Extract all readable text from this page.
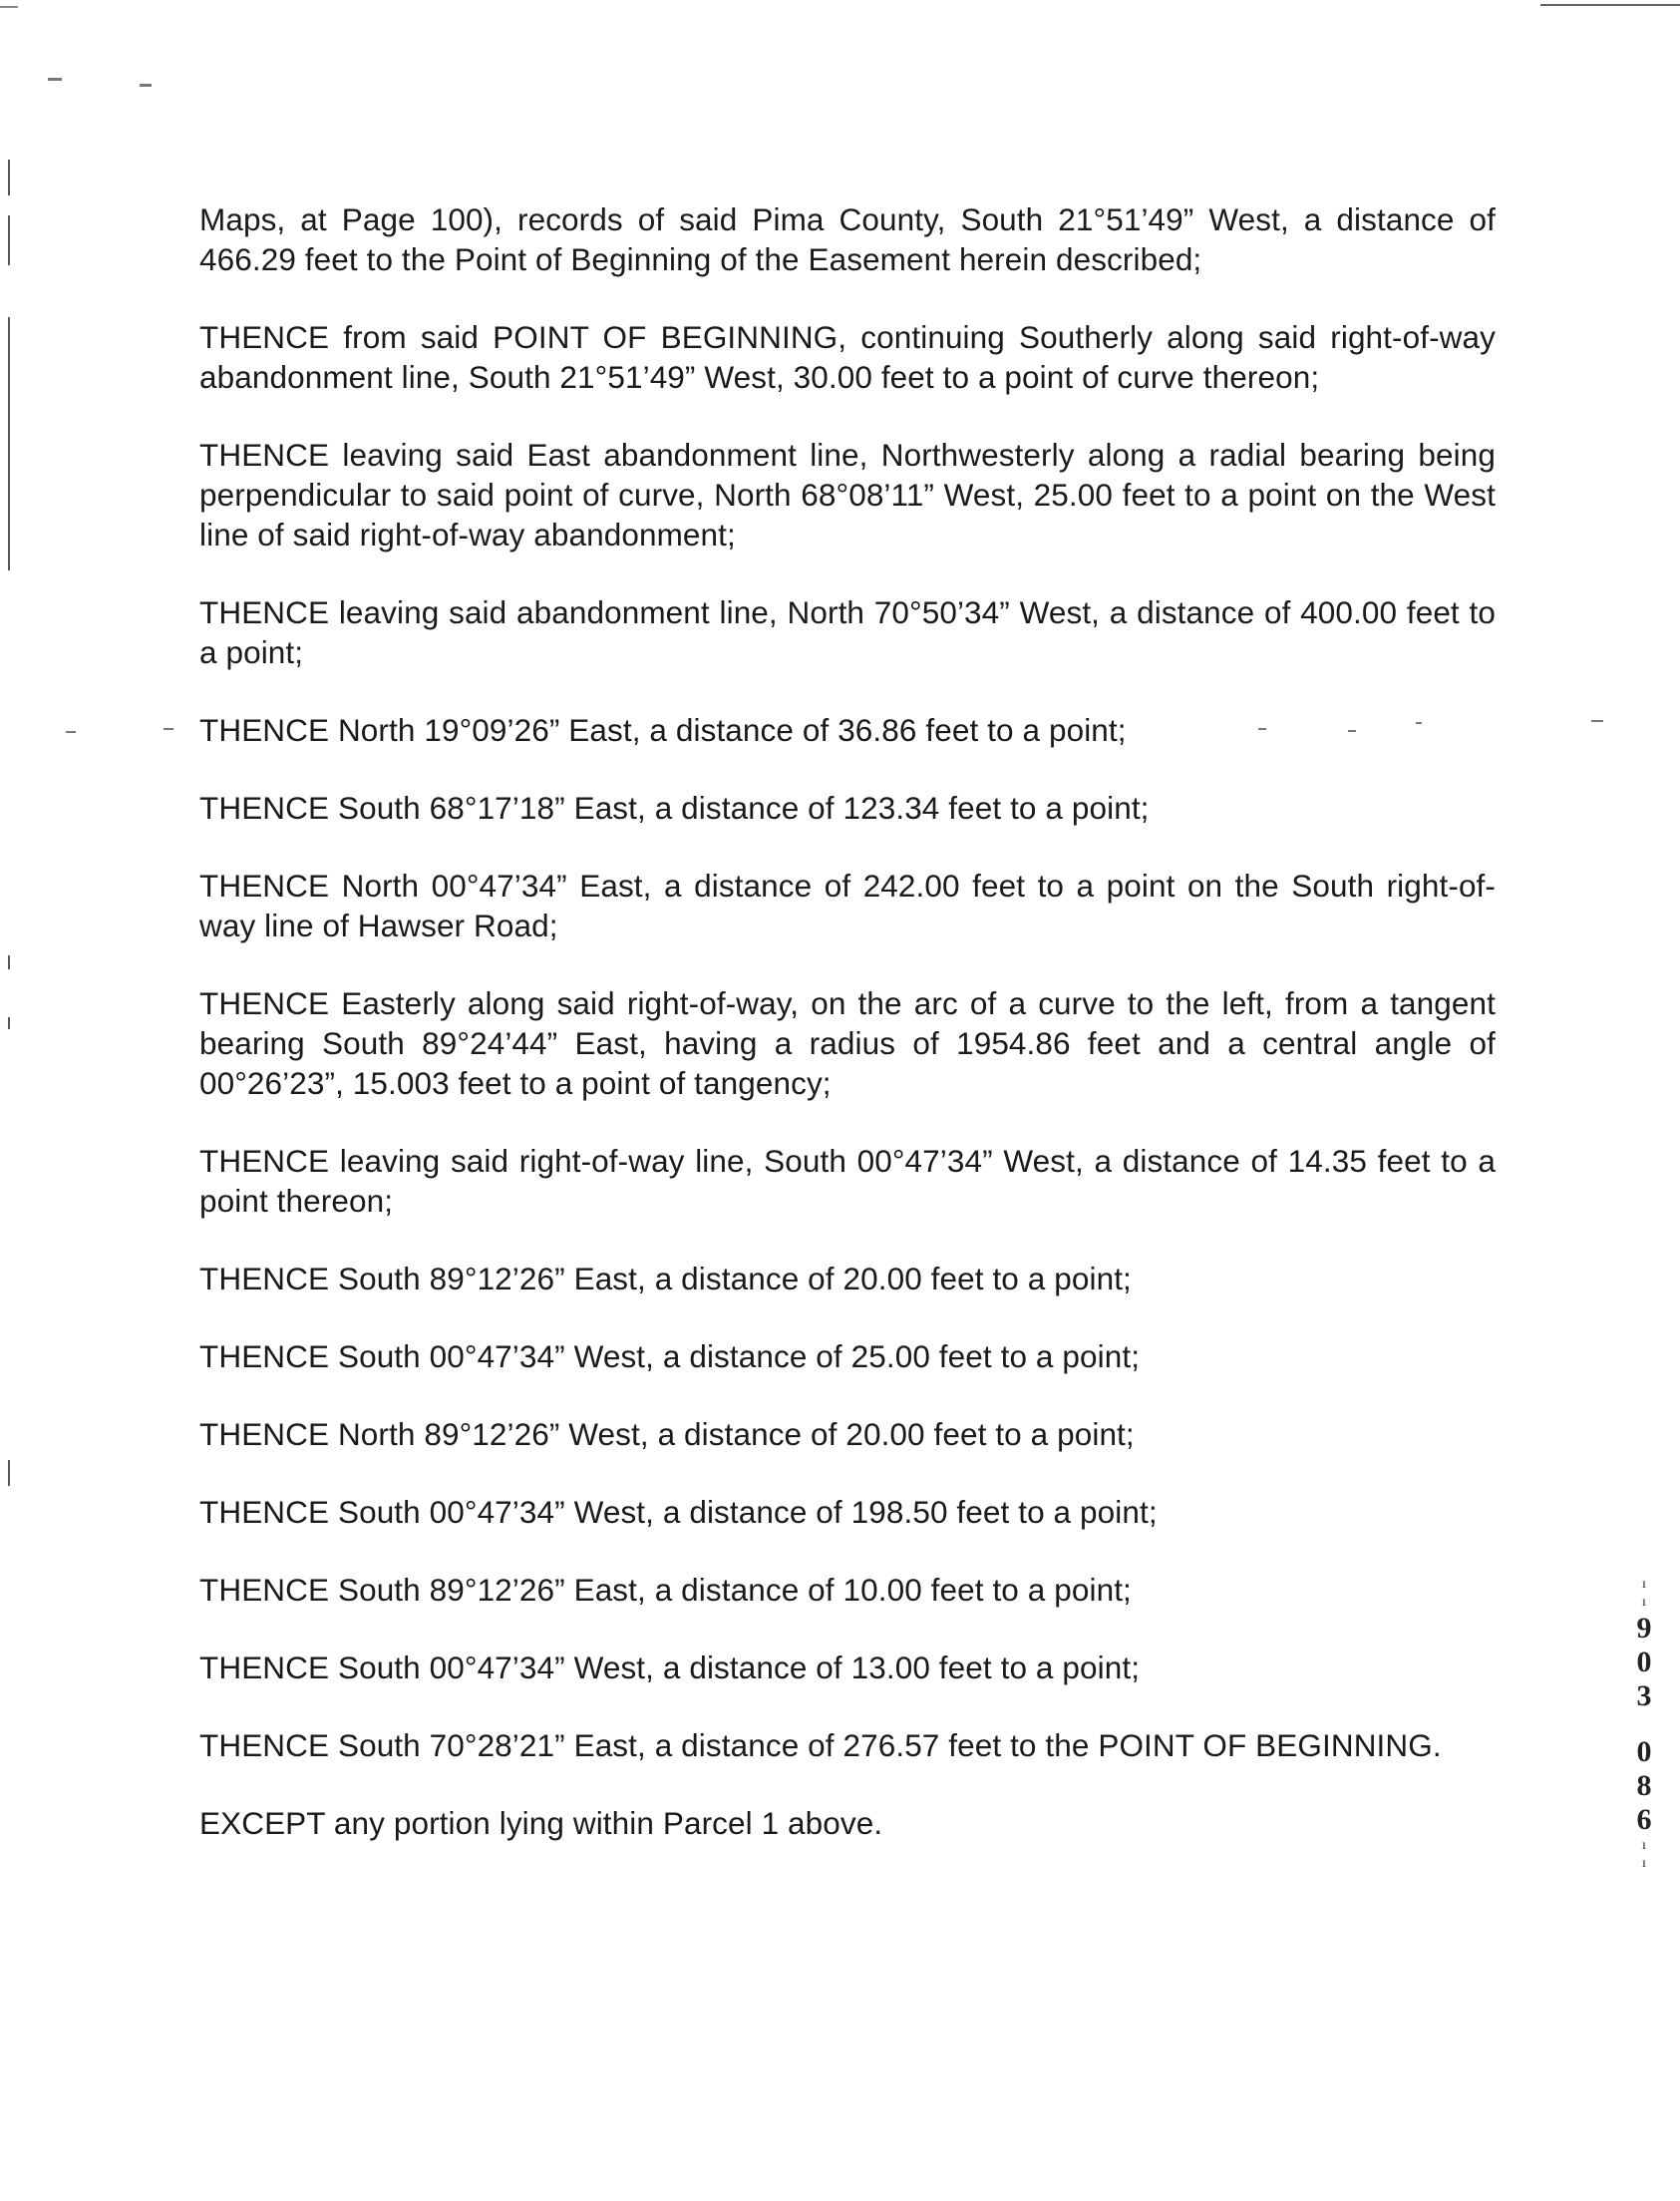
Maps, at Page 100), records of said Pima County, South 21°51’49” West, a distance of 466.29 feet to the Point of Beginning of the Easement herein described;

THENCE from said POINT OF BEGINNING, continuing Southerly along said right-of-way abandonment line, South 21°51’49” West, 30.00 feet to a point of curve thereon;

THENCE leaving said East abandonment line, Northwesterly along a radial bearing being perpendicular to said point of curve, North 68°08’11” West, 25.00 feet to a point on the West line of said right-of-way abandonment;

THENCE leaving said abandonment line, North 70°50’34” West, a distance of 400.00 feet to a point;

THENCE North 19°09’26” East, a distance of 36.86 feet to a point;

THENCE South 68°17’18” East, a distance of 123.34 feet to a point;

THENCE North 00°47’34” East, a distance of 242.00 feet to a point on the South right-of-way line of Hawser Road;

THENCE Easterly along said right-of-way, on the arc of a curve to the left, from a tangent bearing South 89°24’44” East, having a radius of 1954.86 feet and a central angle of 00°26’23”, 15.003 feet to a point of tangency;

THENCE leaving said right-of-way line, South 00°47’34” West, a distance of 14.35 feet to a point thereon;

THENCE South 89°12’26” East, a distance of 20.00 feet to a point;

THENCE South 00°47’34” West, a distance of 25.00 feet to a point;

THENCE North 89°12’26” West, a distance of 20.00 feet to a point;

THENCE South 00°47’34” West, a distance of 198.50 feet to a point;

THENCE South 89°12’26” East, a distance of 10.00 feet to a point;

THENCE South 00°47’34” West, a distance of 13.00 feet to a point;

THENCE South 70°28’21” East, a distance of 276.57 feet to the POINT OF BEGINNING.

EXCEPT any portion lying within Parcel 1 above.

ı
ı
9
0
3
0
8
6
ı
ı
